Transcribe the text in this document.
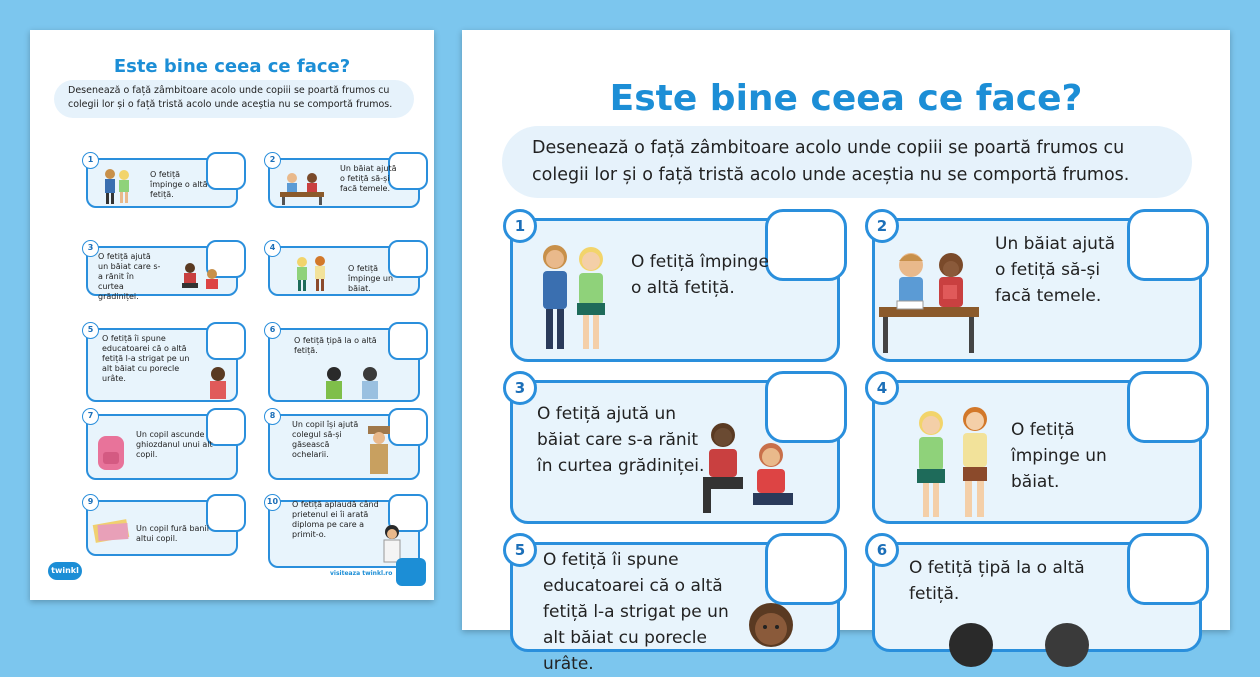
Este bine ceea ce face?
Desenează o față zâmbitoare acolo unde copiii se poartă frumos cu colegii lor și o față tristă acolo unde aceștia nu se comportă frumos.
1
O fetiță împinge o altă fetiță.
2
Un băiat ajută o fetiță să-și facă temele.
3
O fetiță ajută un băiat care s-a rănit în curtea grădiniței.
4
O fetiță împinge un băiat.
5
O fetiță îi spune educatoarei că o altă fetiță l-a strigat pe un alt băiat cu porecle urâte.
6
O fetiță țipă la o altă fetiță.
7
Un copil ascunde ghiozdanul unui alt copil.
8
Un copil își ajută colegul să-și găsească ochelarii.
9
Un copil fură banii altui copil.
10	O fetiță aplaudă când prietenul ei îi arată diploma pe care a primit-o.
twinkl	visiteaza twinkl.ro
Este bine ceea ce face?
Desenează o față zâmbitoare acolo unde copiii se poartă frumos cu colegii lor și o față tristă acolo unde aceștia nu se comportă frumos.
1
O fetiță împinge o altă fetiță.
2
Un băiat ajută o fetiță să-și facă temele.
3
O fetiță ajută un băiat care s-a rănit în curtea grădiniței.
4
O fetiță împinge un băiat.
5	O fetiță îi spune educatoarei că o altă fetiță l-a strigat pe un alt băiat cu porecle urâte.
6
O fetiță țipă la o altă fetiță.
